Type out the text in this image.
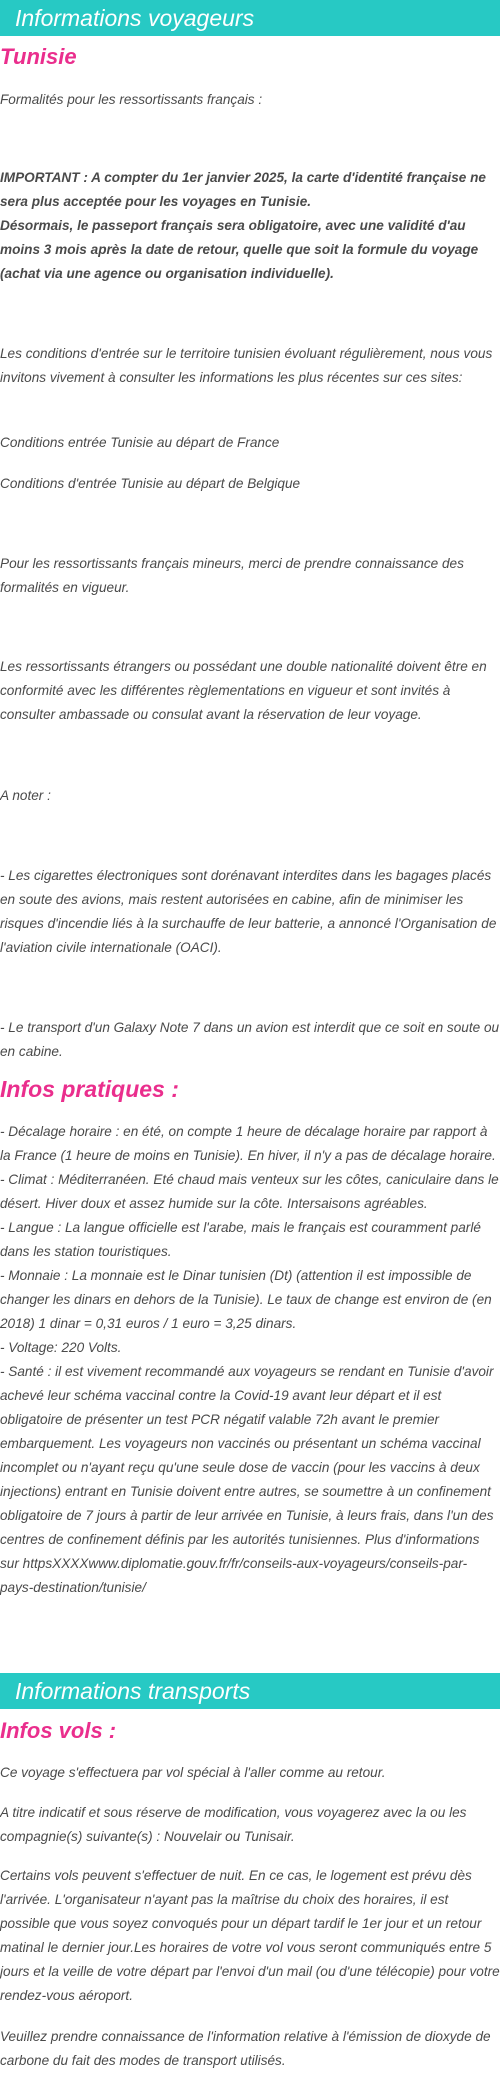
Informations voyageurs
Tunisie

Formalités pour les ressortissants français :

IMPORTANT : A compter du 1er janvier 2025, la carte d'identité française ne sera plus acceptée pour les voyages en Tunisie.
Désormais, le passeport français sera obligatoire, avec une validité d'au moins 3 mois après la date de retour, quelle que soit la formule du voyage (achat via une agence ou organisation individuelle).

Les conditions d'entrée sur le territoire tunisien évoluant régulièrement, nous vous invitons vivement à consulter les informations les plus récentes sur ces sites:

Conditions entrée Tunisie au départ de France

Conditions d'entrée Tunisie au départ de Belgique

Pour les ressortissants français mineurs, merci de prendre connaissance des formalités en vigueur.

Les ressortissants étrangers ou possédant une double nationalité doivent être en conformité avec les différentes règlementations en vigueur et sont invités à consulter ambassade ou consulat avant la réservation de leur voyage.

A noter :

- Les cigarettes électroniques sont dorénavant interdites dans les bagages placés en soute des avions, mais restent autorisées en cabine, afin de minimiser les risques d'incendie liés à la surchauffe de leur batterie, a annoncé l'Organisation de l'aviation civile internationale (OACI).

- Le transport d'un Galaxy Note 7 dans un avion est interdit que ce soit en soute ou en cabine.

Infos pratiques :

- Décalage horaire : en été, on compte 1 heure de décalage horaire par rapport à la France (1 heure de moins en Tunisie). En hiver, il n'y a pas de décalage horaire.
- Climat : Méditerranéen. Eté chaud mais venteux sur les côtes, caniculaire dans le désert. Hiver doux et assez humide sur la côte. Intersaisons agréables.
- Langue : La langue officielle est l'arabe, mais le français est couramment parlé dans les station touristiques.
- Monnaie : La monnaie est le Dinar tunisien (Dt) (attention il est impossible de changer les dinars en dehors de la Tunisie). Le taux de change est environ de (en 2018) 1 dinar = 0,31 euros / 1 euro = 3,25 dinars.
- Voltage: 220 Volts.
- Santé : il est vivement recommandé aux voyageurs se rendant en Tunisie d'avoir achevé leur schéma vaccinal contre la Covid-19 avant leur départ et il est obligatoire de présenter un test PCR négatif valable 72h avant le premier embarquement. Les voyageurs non vaccinés ou présentant un schéma vaccinal incomplet ou n'ayant reçu qu'une seule dose de vaccin (pour les vaccins à deux injections) entrant en Tunisie doivent entre autres, se soumettre à un confinement obligatoire de 7 jours à partir de leur arrivée en Tunisie, à leurs frais, dans l'un des centres de confinement définis par les autorités tunisiennes. Plus d'informations sur httpsXXXXwww.diplomatie.gouv.fr/fr/conseils-aux-voyageurs/conseils-par-pays-destination/tunisie/

Informations transports
Infos vols :

Ce voyage s'effectuera par vol spécial à l'aller comme au retour.

A titre indicatif et sous réserve de modification, vous voyagerez avec la ou les compagnie(s) suivante(s) : Nouvelair ou Tunisair.

Certains vols peuvent s'effectuer de nuit. En ce cas, le logement est prévu dès l'arrivée. L'organisateur n'ayant pas la maîtrise du choix des horaires, il est possible que vous soyez convoqués pour un départ tardif le 1er jour et un retour matinal le dernier jour.Les horaires de votre vol vous seront communiqués entre 5 jours et la veille de votre départ par l'envoi d'un mail (ou d'une télécopie) pour votre rendez-vous aéroport.

Veuillez prendre connaissance de l'information relative à l'émission de dioxyde de carbone du fait des modes de transport utilisés.
